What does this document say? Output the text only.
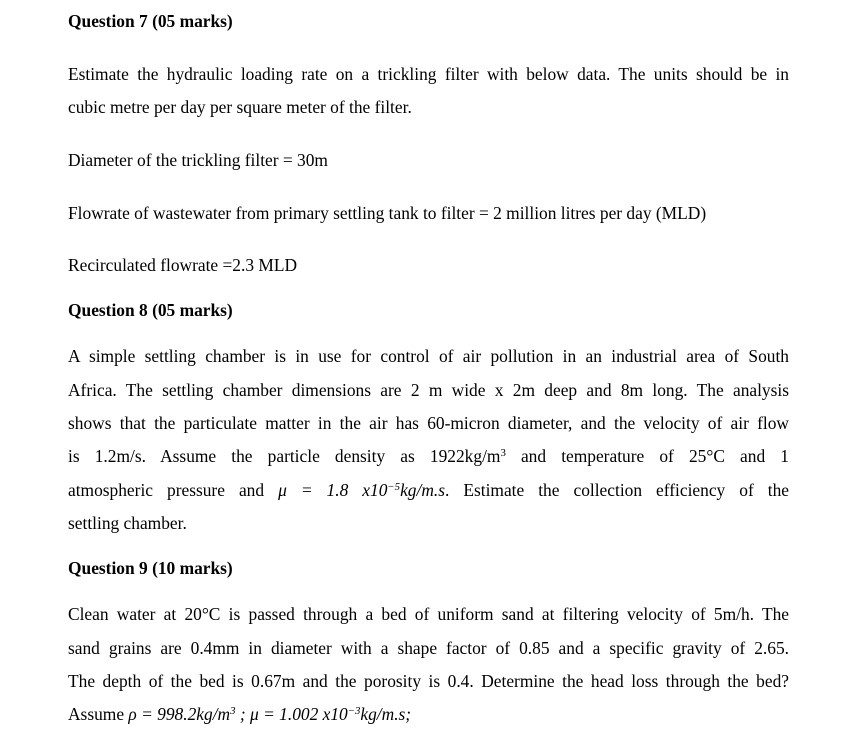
Question 7 (05 marks)
Estimate the hydraulic loading rate on a trickling filter with below data. The units should be in
cubic metre per day per square meter of the filter.
Diameter of the trickling filter = 30m
Flowrate of wastewater from primary settling tank to filter = 2 million litres per day (MLD)
Recirculated flowrate =2.3 MLD
Question 8 (05 marks)
A simple settling chamber is in use for control of air pollution in an industrial area of South
Africa. The settling chamber dimensions are 2 m wide x 2m deep and 8m long. The analysis
shows that the particulate matter in the air has 60-micron diameter, and the velocity of air flow
is 1.2m/s. Assume the particle density as $1922kg/m^3$ and temperature of 25°C and 1
atmospheric pressure and μ = 1.8 $x10^{-5}kg/m.s$. Estimate the collection efficiency of the
settling chamber.
Question 9 (10 marks)
Clean water at 20°C is passed through a bed of uniform sand at filtering velocity of 5m/h. The
sand grains are 0.4mm in diameter with a shape factor of 0.85 and a specific gravity of 2.65.
The depth of the bed is 0.67m and the porosity is 0.4. Determine the head loss through the bed?
Assume $\rho = 998.2kg/m^3$ ; μ = 1.002 $x10^{-3}kg/m.s$;
